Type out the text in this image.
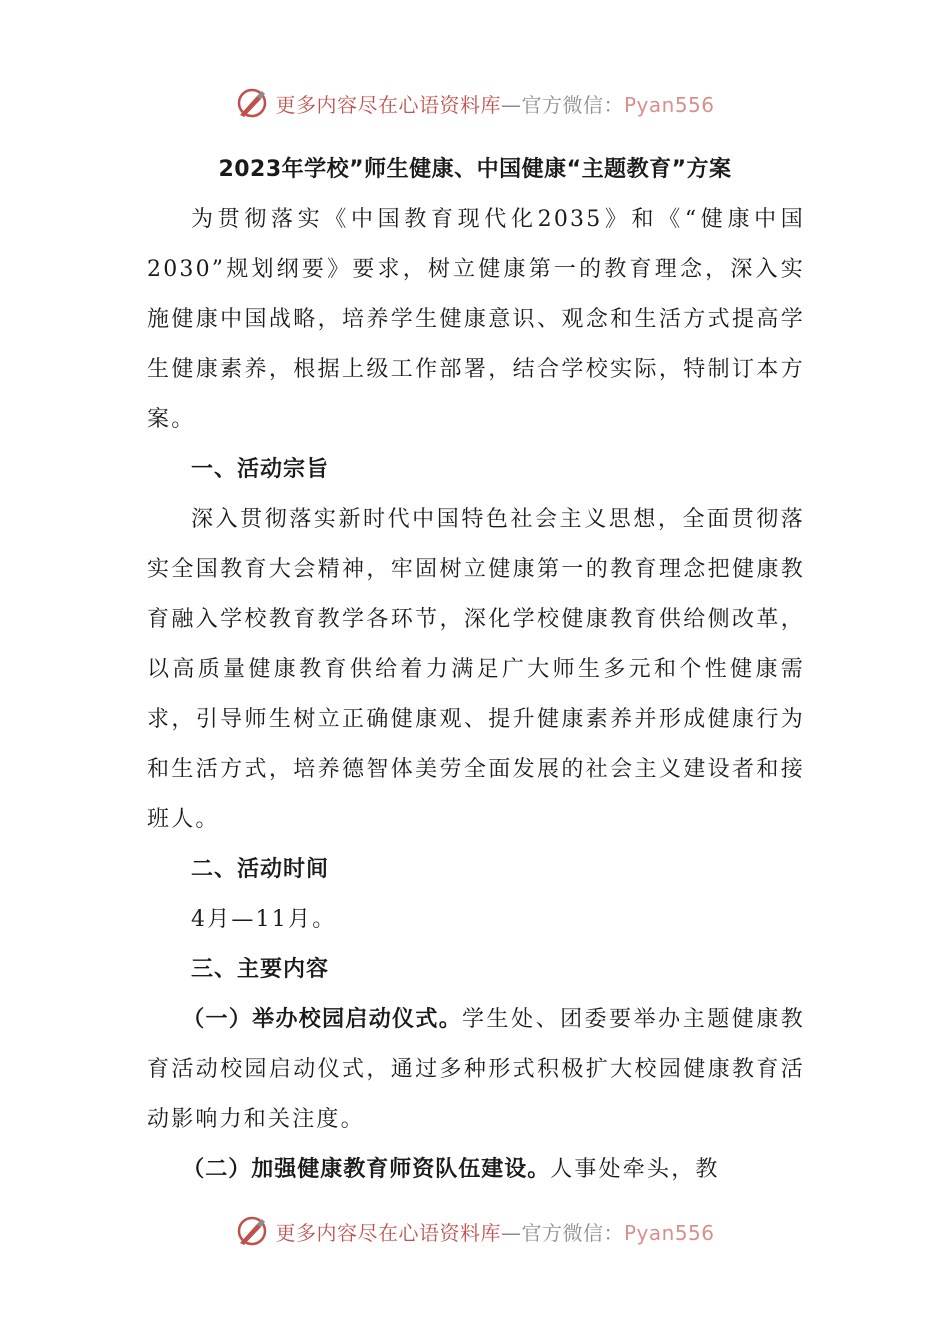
更多内容尽在心语资料库—官方微信：Pyan556
2023年学校”师生健康、中国健康“主题教育”方案

为贯彻落实《中国教育现代化2035》和《“健康中国2030”规划纲要》要求，树立健康第一的教育理念，深入实施健康中国战略，培养学生健康意识、观念和生活方式提高学生健康素养，根据上级工作部署，结合学校实际，特制订本方案。

一、活动宗旨

深入贯彻落实新时代中国特色社会主义思想，全面贯彻落实全国教育大会精神，牢固树立健康第一的教育理念把健康教育融入学校教育教学各环节，深化学校健康教育供给侧改革，以高质量健康教育供给着力满足广大师生多元和个性健康需求，引导师生树立正确健康观、提升健康素养并形成健康行为和生活方式，培养德智体美劳全面发展的社会主义建设者和接班人。

二、活动时间

4月—11月。

三、主要内容

（一）举办校园启动仪式。学生处、团委要举办主题健康教育活动校园启动仪式，通过多种形式积极扩大校园健康教育活动影响力和关注度。

（二）加强健康教育师资队伍建设。人事处牵头，教

更多内容尽在心语资料库—官方微信：Pyan556
